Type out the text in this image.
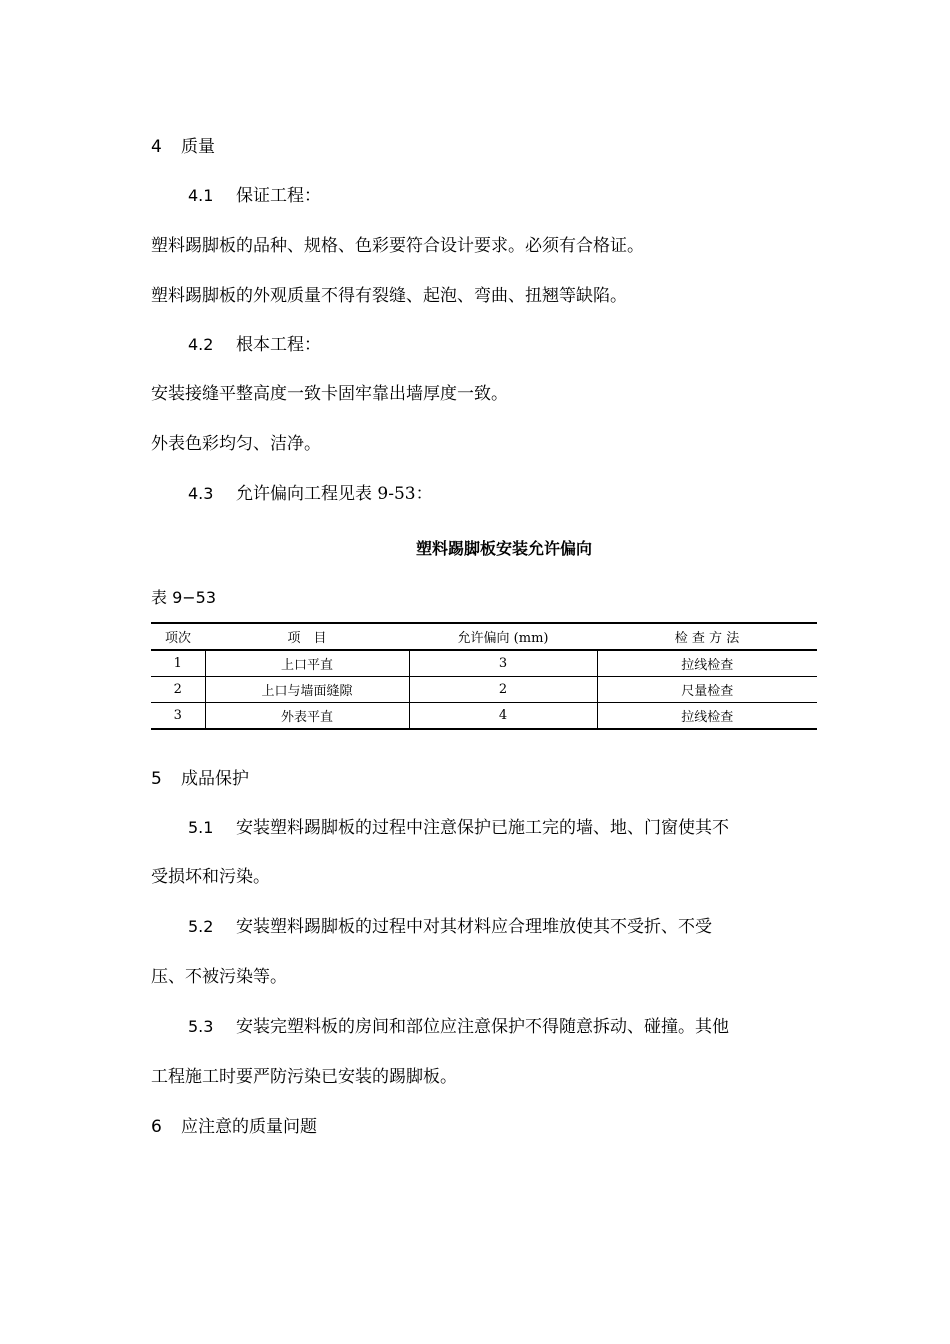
4 质量
4.1 保证工程：
塑料踢脚板的品种、规格、色彩要符合设计要求。必须有合格证。
塑料踢脚板的外观质量不得有裂缝、起泡、弯曲、扭翘等缺陷。
4.2 根本工程：
安装接缝平整高度一致卡固牢靠出墙厚度一致。
外表色彩均匀、洁净。
4.3 允许偏向工程见表 9-53：
塑料踢脚板安装允许偏向
表 9−53
项次	项　目	允许偏向 (mm)	检 查 方 法
1	上口平直	3	拉线检查
2	上口与墙面缝隙	2	尺量检查
3	外表平直	4	拉线检查
5 成品保护
5.1 安装塑料踢脚板的过程中注意保护已施工完的墙、地、门窗使其不
受损坏和污染。
5.2 安装塑料踢脚板的过程中对其材料应合理堆放使其不受折、不受
压、不被污染等。
5.3 安装完塑料板的房间和部位应注意保护不得随意拆动、碰撞。其他
工程施工时要严防污染已安装的踢脚板。
6 应注意的质量问题
